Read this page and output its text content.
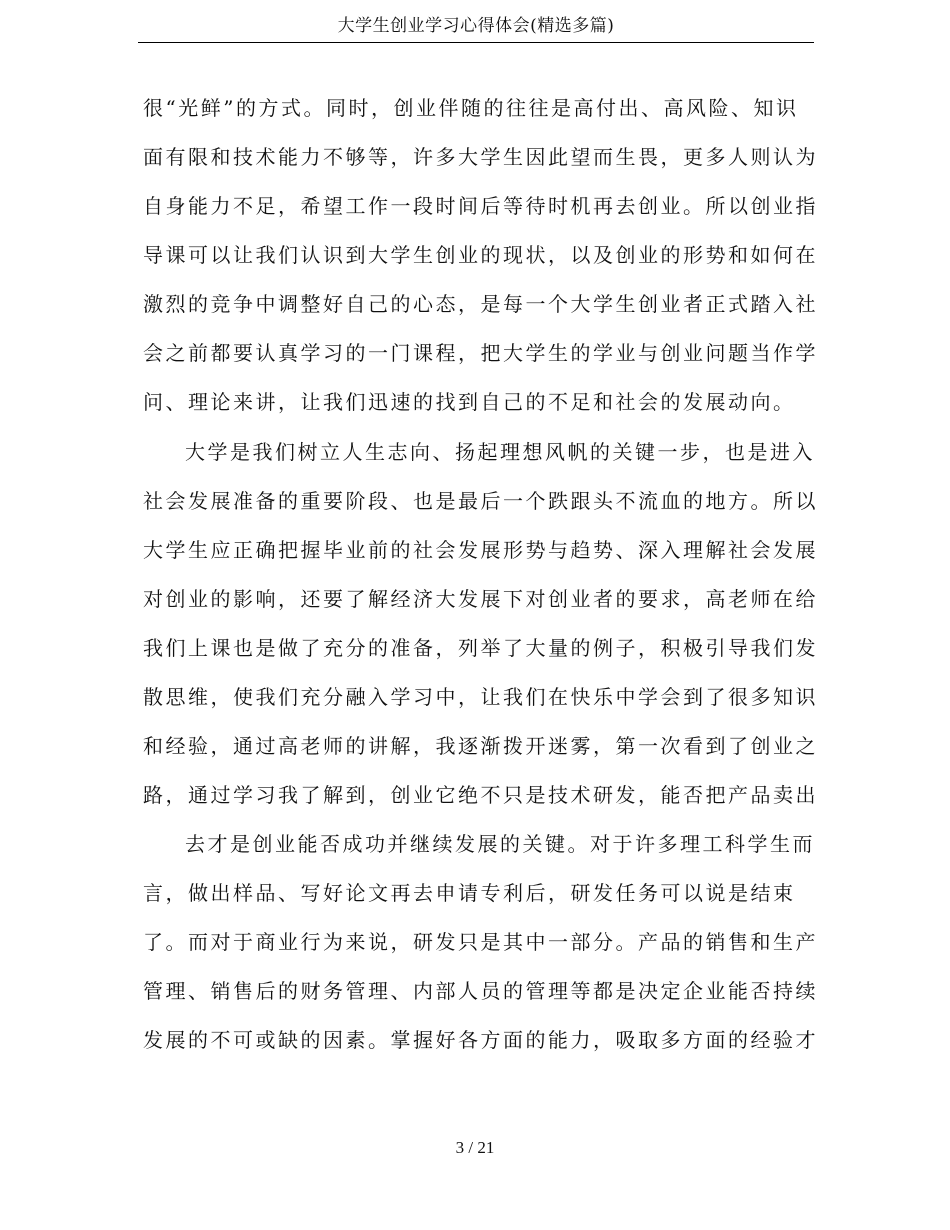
大学生创业学习心得体会(精选多篇)
很“光鲜”的方式。同时，创业伴随的往往是高付出、高风险、知识
面有限和技术能力不够等，许多大学生因此望而生畏，更多人则认为
自身能力不足，希望工作一段时间后等待时机再去创业。所以创业指
导课可以让我们认识到大学生创业的现状，以及创业的形势和如何在
激烈的竞争中调整好自己的心态，是每一个大学生创业者正式踏入社
会之前都要认真学习的一门课程，把大学生的学业与创业问题当作学
问、理论来讲，让我们迅速的找到自己的不足和社会的发展动向。
大学是我们树立人生志向、扬起理想风帆的关键一步，也是进入
社会发展准备的重要阶段、也是最后一个跌跟头不流血的地方。所以
大学生应正确把握毕业前的社会发展形势与趋势、深入理解社会发展
对创业的影响，还要了解经济大发展下对创业者的要求，高老师在给
我们上课也是做了充分的准备，列举了大量的例子，积极引导我们发
散思维，使我们充分融入学习中，让我们在快乐中学会到了很多知识
和经验，通过高老师的讲解，我逐渐拨开迷雾，第一次看到了创业之
路，通过学习我了解到，创业它绝不只是技术研发，能否把产品卖出
去才是创业能否成功并继续发展的关键。对于许多理工科学生而
言，做出样品、写好论文再去申请专利后，研发任务可以说是结束
了。而对于商业行为来说，研发只是其中一部分。产品的销售和生产
管理、销售后的财务管理、内部人员的管理等都是决定企业能否持续
发展的不可或缺的因素。掌握好各方面的能力，吸取多方面的经验才
3 / 21
